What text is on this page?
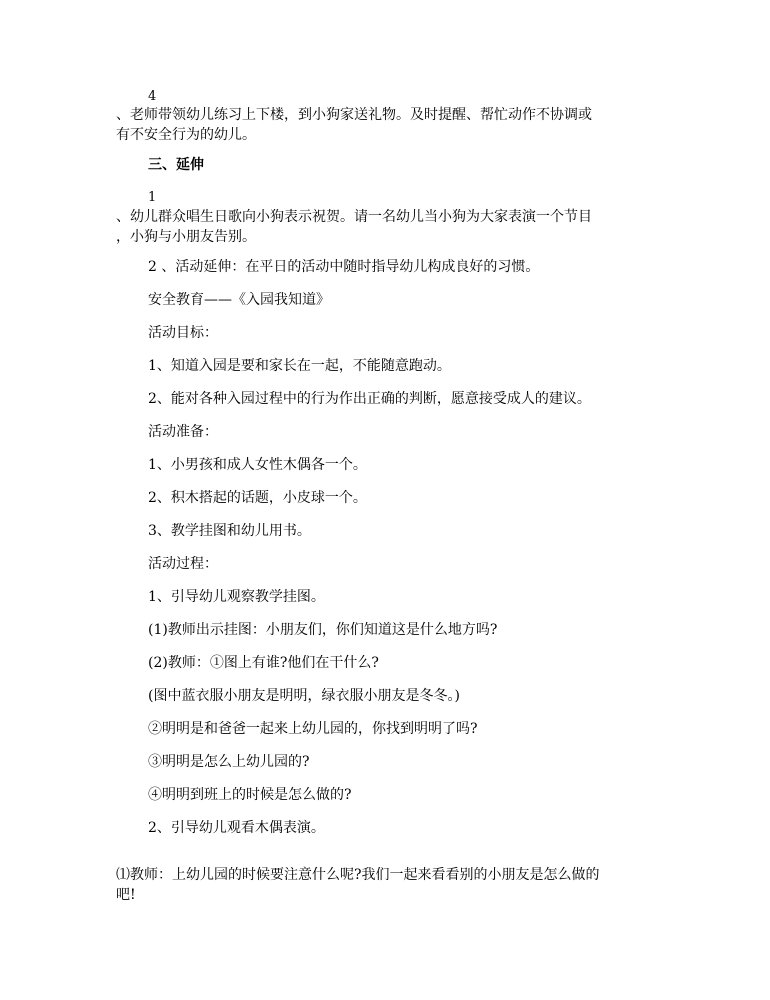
4

、老师带领幼儿练习上下楼，到小狗家送礼物。及时提醒、帮忙动作不协调或

有不安全行为的幼儿。

三、延伸

1

、幼儿群众唱生日歌向小狗表示祝贺。请一名幼儿当小狗为大家表演一个节目

，小狗与小朋友告别。

2 、活动延伸：在平日的活动中随时指导幼儿构成良好的习惯。

安全教育——《入园我知道》

活动目标：

1、知道入园是要和家长在一起，不能随意跑动。

2、能对各种入园过程中的行为作出正确的判断，愿意接受成人的建议。

活动准备：

1、小男孩和成人女性木偶各一个。

2、积木搭起的话题，小皮球一个。

3、教学挂图和幼儿用书。

活动过程：

1、引导幼儿观察教学挂图。

(1)教师出示挂图：小朋友们，你们知道这是什么地方吗?

(2)教师：①图上有谁?他们在干什么?

(图中蓝衣服小朋友是明明，绿衣服小朋友是冬冬。)

②明明是和爸爸一起来上幼儿园的，你找到明明了吗?

③明明是怎么上幼儿园的?

④明明到班上的时候是怎么做的?

2、引导幼儿观看木偶表演。

⑴教师：上幼儿园的时候要注意什么呢?我们一起来看看别的小朋友是怎么做的

吧!
